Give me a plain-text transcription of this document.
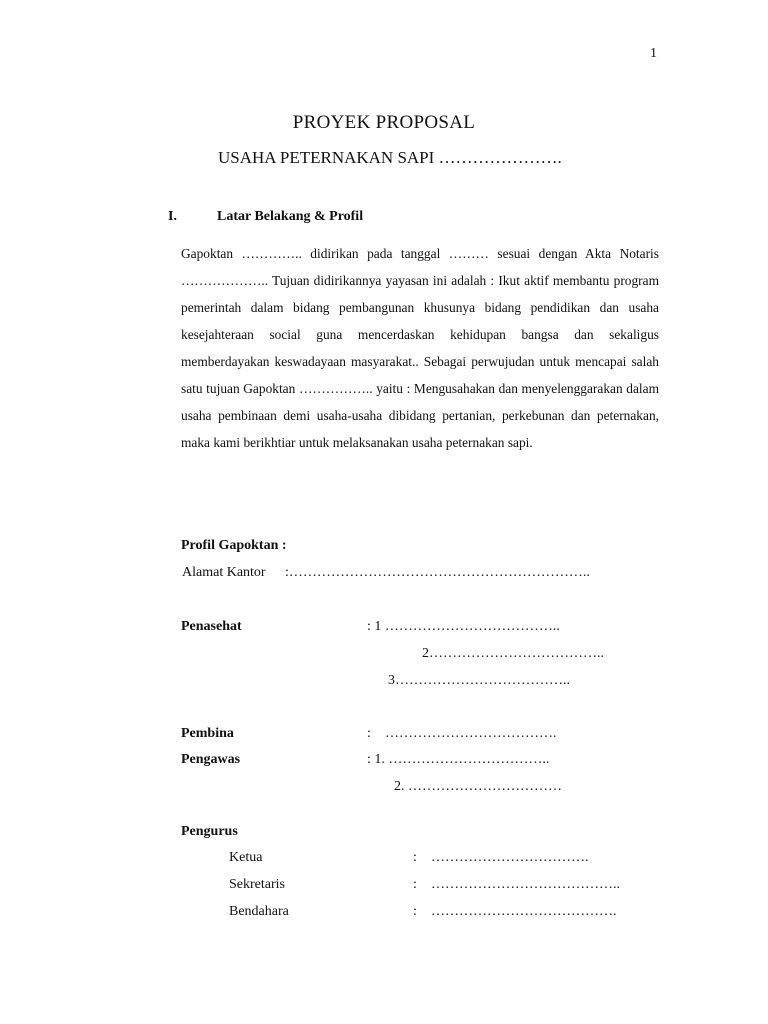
1
PROYEK PROPOSAL
USAHA PETERNAKAN SAPI ………………….
I.	Latar Belakang & Profil

Gapoktan ………….. didirikan pada tanggal ……… sesuai dengan Akta Notaris ……………….. Tujuan didirikannya yayasan ini adalah : Ikut aktif membantu program pemerintah dalam bidang pembangunan khusunya bidang pendidikan dan usaha kesejahteraan social guna mencerdaskan kehidupan bangsa dan sekaligus memberdayakan keswadayaan masyarakat.. Sebagai perwujudan untuk mencapai salah satu tujuan Gapoktan …………….. yaitu : Mengusahakan dan menyelenggarakan dalam usaha pembinaan demi usaha-usaha dibidang pertanian, perkebunan dan peternakan, maka kami berikhtiar untuk melaksanakan usaha peternakan sapi.

Profil Gapoktan :
Alamat Kantor :………………………………………………………..
Penasehat	: 1 ………………………………..
2………………………………..
3………………………………..
Pembina	: ……………………………….
Pengawas	: 1. ……………………………..
2. ……………………………
Pengurus
Ketua	: …………………………….
Sekretaris	: …………………………………..
Bendahara	: ………………………………….
